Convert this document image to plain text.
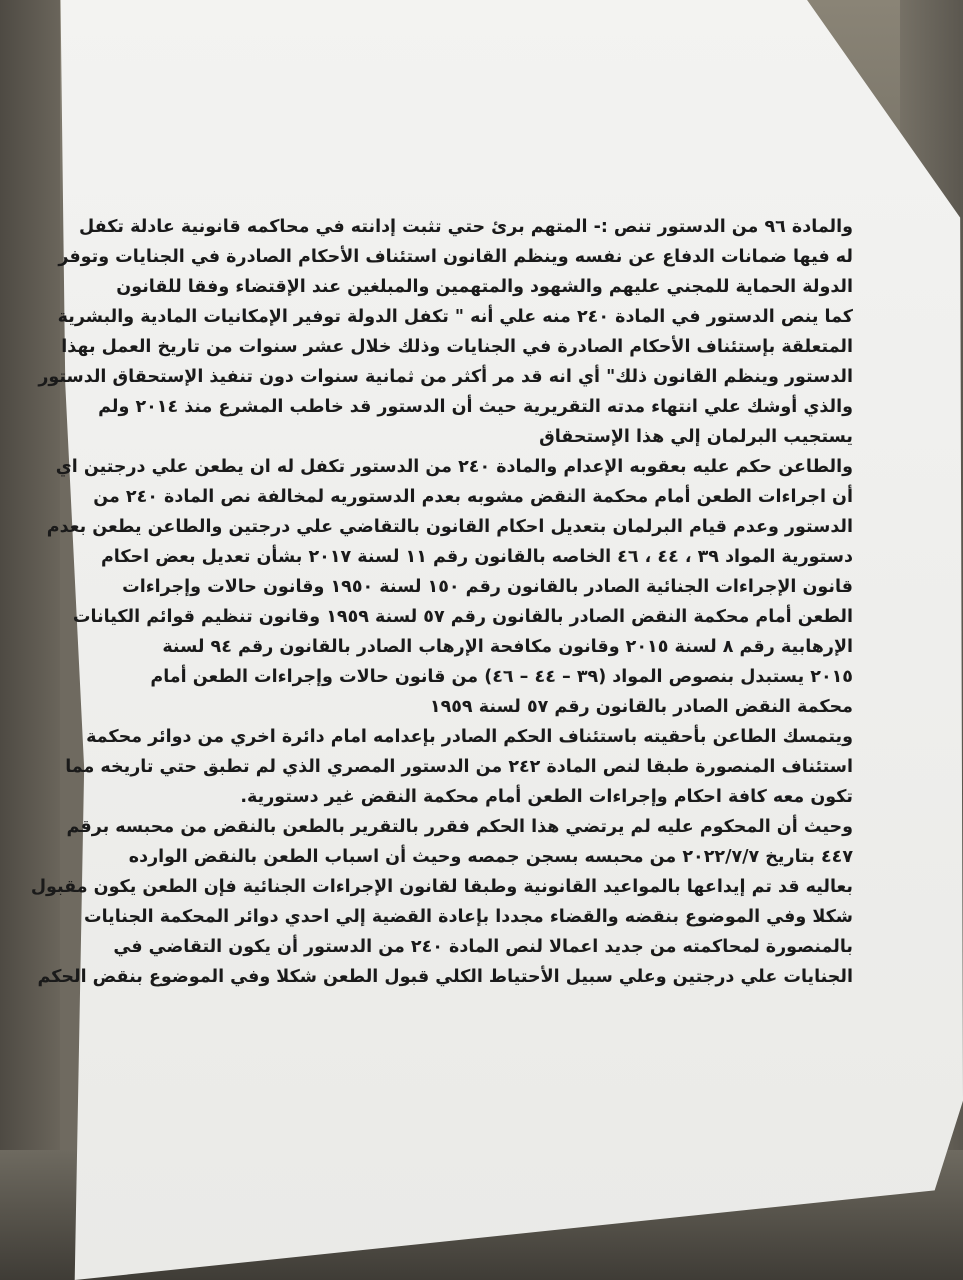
والمادة ٩٦ من الدستور تنص :- المتهم برئ حتي تثبت إدانته في محاكمه قانونية عادلة تكفل
له فيها ضمانات الدفاع عن نفسه وينظم القانون استئناف الأحكام الصادرة في الجنايات وتوفر
الدولة الحماية للمجني عليهم والشهود والمتهمين والمبلغين عند الإقتضاء وفقا للقانون
كما ينص الدستور في المادة ٢٤٠ منه علي أنه " تكفل الدولة توفير الإمكانيات المادية والبشرية
المتعلقة بإستئناف الأحكام الصادرة في الجنايات وذلك خلال عشر سنوات من تاريخ العمل بهذا
الدستور وينظم القانون ذلك" أي انه قد مر أكثر من ثمانية سنوات دون تنفيذ الإستحقاق الدستور
والذي أوشك علي انتهاء مدته التقريرية حيث أن الدستور قد خاطب المشرع منذ ٢٠١٤ ولم
يستجيب البرلمان إلي هذا الإستحقاق
والطاعن حكم عليه بعقوبه الإعدام والمادة ٢٤٠ من الدستور تكفل له ان يطعن علي درجتين اي
أن اجراءات الطعن أمام محكمة النقض مشوبه بعدم الدستوريه لمخالفة نص المادة ٢٤٠ من
الدستور وعدم قيام البرلمان بتعديل احكام القانون بالتقاضي علي درجتين والطاعن يطعن بعدم
دستورية المواد ٣٩ ، ٤٤ ، ٤٦ الخاصه بالقانون رقم ١١ لسنة ٢٠١٧ بشأن تعديل بعض احكام
قانون الإجراءات الجنائية الصادر بالقانون رقم ١٥٠ لسنة ١٩٥٠ وقانون حالات وإجراءات
الطعن أمام محكمة النقض الصادر بالقانون رقم ٥٧ لسنة ١٩٥٩ وقانون تنظيم قوائم الكيانات
الإرهابية رقم ٨ لسنة ٢٠١٥ وقانون مكافحة الإرهاب الصادر بالقانون رقم ٩٤ لسنة
٢٠١٥ يستبدل بنصوص المواد (٣٩ – ٤٤ – ٤٦) من قانون حالات وإجراءات الطعن أمام
محكمة النقض الصادر بالقانون رقم ٥٧ لسنة ١٩٥٩
ويتمسك الطاعن بأحقيته باستئناف الحكم الصادر بإعدامه امام دائرة اخري من دوائر محكمة
استئناف المنصورة طبقا لنص المادة ٢٤٢ من الدستور المصري الذي لم تطبق حتي تاريخه مما
تكون معه كافة احكام وإجراءات الطعن أمام محكمة النقض غير دستورية.
وحيث أن المحكوم عليه لم يرتضي هذا الحكم فقرر بالتقرير بالطعن بالنقض من محبسه برقم
٤٤٧ بتاريخ ٢٠٢٢/٧/٧ من محبسه بسجن جمصه وحيث أن اسباب الطعن بالنقض الوارده
بعاليه قد تم إيداعها بالمواعيد القانونية وطبقا لقانون الإجراءات الجنائية فإن الطعن يكون مقبول
شكلا وفي الموضوع بنقضه والقضاء مجددا بإعادة القضية إلي احدي دوائر المحكمة الجنايات
بالمنصورة لمحاكمته من جديد اعمالا لنص المادة ٢٤٠ من الدستور أن يكون التقاضي في
الجنايات علي درجتين وعلي سبيل الأحتياط الكلي قبول الطعن شكلا وفي الموضوع بنقض الحكم
